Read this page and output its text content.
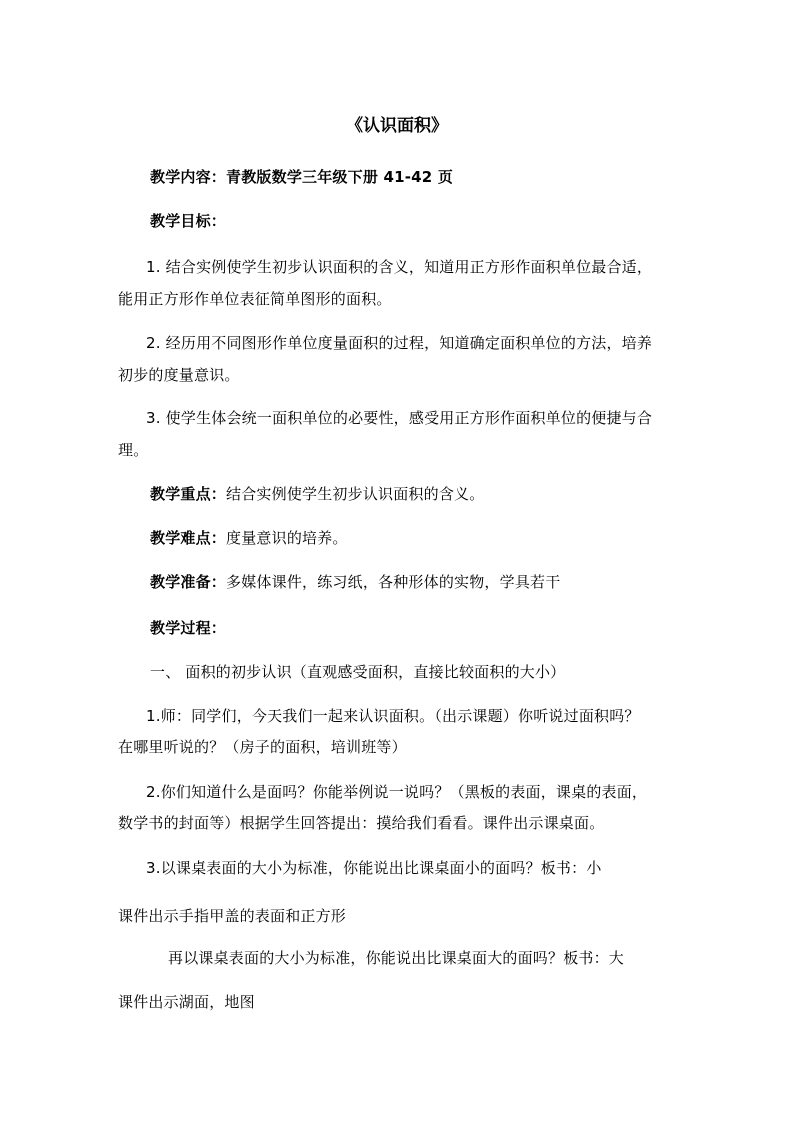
《认识面积》
教学内容：青教版数学三年级下册 41-42 页
教学目标：
1. 结合实例使学生初步认识面积的含义，知道用正方形作面积单位最合适，
能用正方形作单位表征简单图形的面积。
2. 经历用不同图形作单位度量面积的过程，知道确定面积单位的方法，培养
初步的度量意识。
3. 使学生体会统一面积单位的必要性，感受用正方形作面积单位的便捷与合
理。
教学重点：结合实例使学生初步认识面积的含义。
教学难点：度量意识的培养。
教学准备：多媒体课件，练习纸，各种形体的实物，学具若干
教学过程：
一、 面积的初步认识（直观感受面积，直接比较面积的大小）
1.师：同学们，今天我们一起来认识面积。（出示课题）你听说过面积吗？
在哪里听说的？（房子的面积，培训班等）
2.你们知道什么是面吗？你能举例说一说吗？（黑板的表面，课桌的表面，
数学书的封面等）根据学生回答提出：摸给我们看看。课件出示课桌面。
3.以课桌表面的大小为标准，你能说出比课桌面小的面吗？板书：小
课件出示手指甲盖的表面和正方形
再以课桌表面的大小为标准，你能说出比课桌面大的面吗？板书：大
课件出示湖面，地图
